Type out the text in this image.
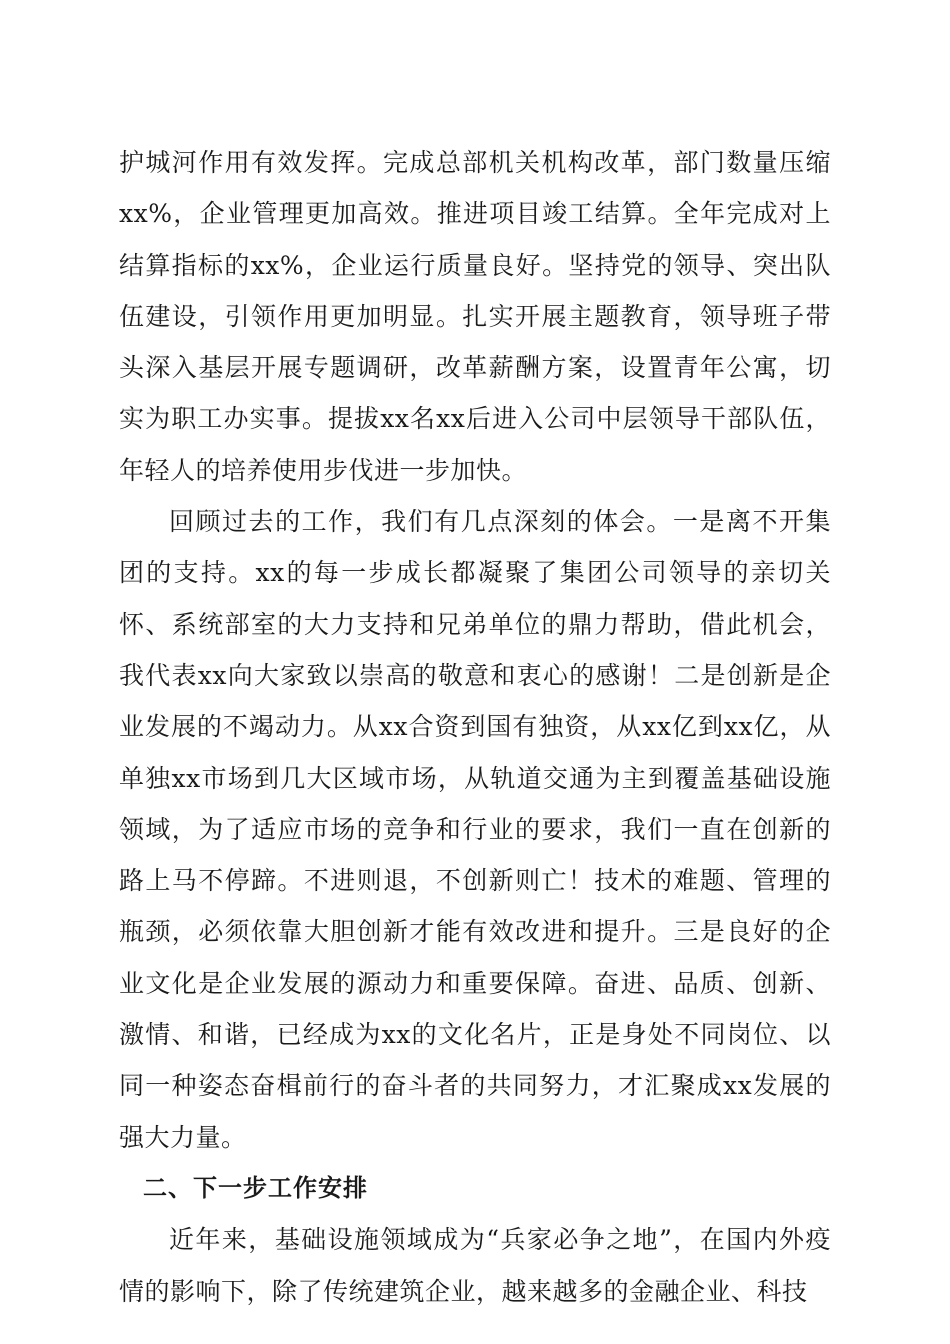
护城河作用有效发挥。完成总部机关机构改革，部门数量压缩xx%，企业管理更加高效。推进项目竣工结算。全年完成对上结算指标的xx%，企业运行质量良好。坚持党的领导、突出队伍建设，引领作用更加明显。扎实开展主题教育，领导班子带头深入基层开展专题调研，改革薪酬方案，设置青年公寓，切实为职工办实事。提拔xx名xx后进入公司中层领导干部队伍，年轻人的培养使用步伐进一步加快。

回顾过去的工作，我们有几点深刻的体会。一是离不开集团的支持。xx的每一步成长都凝聚了集团公司领导的亲切关怀、系统部室的大力支持和兄弟单位的鼎力帮助，借此机会，我代表xx向大家致以崇高的敬意和衷心的感谢！二是创新是企业发展的不竭动力。从xx合资到国有独资，从xx亿到xx亿，从单独xx市场到几大区域市场，从轨道交通为主到覆盖基础设施领域，为了适应市场的竞争和行业的要求，我们一直在创新的路上马不停蹄。不进则退，不创新则亡！技术的难题、管理的瓶颈，必须依靠大胆创新才能有效改进和提升。三是良好的企业文化是企业发展的源动力和重要保障。奋进、品质、创新、激情、和谐，已经成为xx的文化名片，正是身处不同岗位、以同一种姿态奋楫前行的奋斗者的共同努力，才汇聚成xx发展的强大力量。

二、下一步工作安排

近年来，基础设施领域成为“兵家必争之地”，在国内外疫情的影响下，除了传统建筑企业，越来越多的金融企业、科技
